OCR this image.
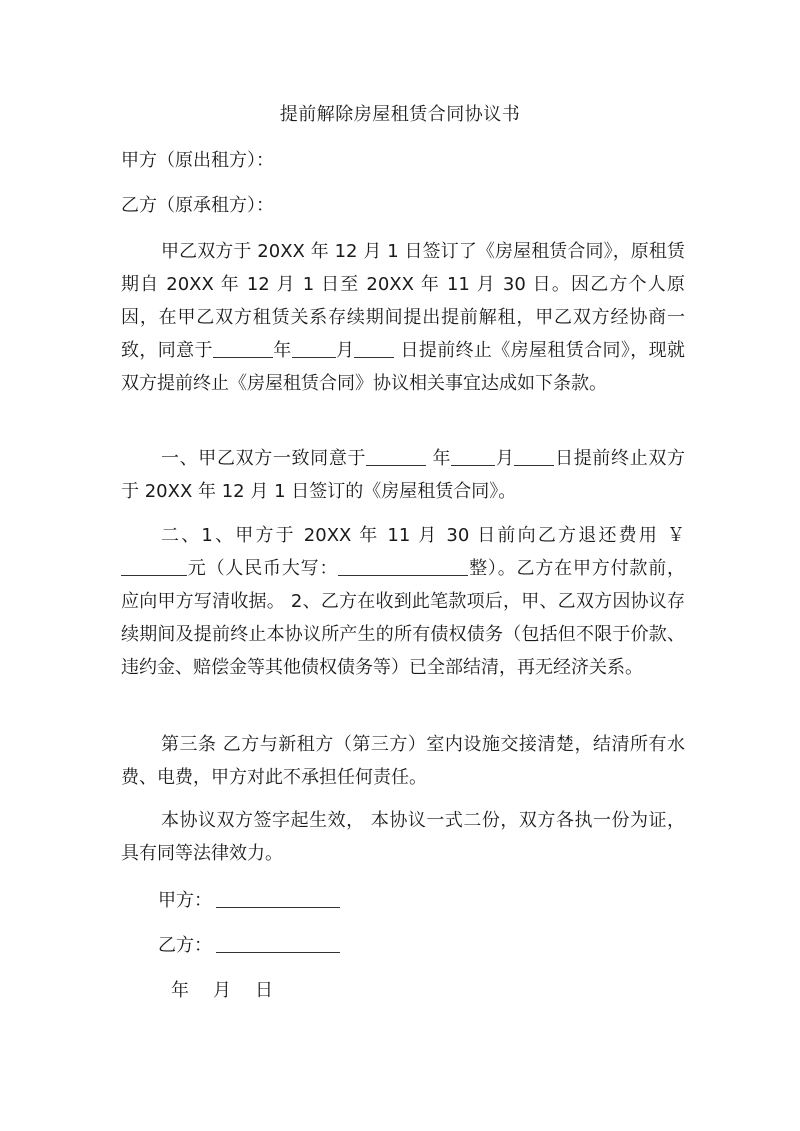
提前解除房屋租赁合同协议书
甲方（原出租方）：
乙方（原承租方）：
甲乙双方于 20XX 年 12 月 1 日签订了《房屋租赁合同》，原租赁期自 20XX 年 12 月 1 日至 20XX 年 11 月 30 日。因乙方个人原因，在甲乙双方租赁关系存续期间提出提前解租，甲乙双方经协商一致，同意于	年 月 日提前终止《房屋租赁合同》，现就双方提前终止《房屋租赁合同》协议相关事宜达成如下条款。
一、甲乙双方一致同意于	年 月 日提前终止双方于 20XX 年 12 月 1 日签订的《房屋租赁合同》。
二、1、甲方于 20XX 年 11 月 30 日前向乙方退还费用 ￥元（人民币大写：	整）。乙方在甲方付款前，应向甲方写清收据。 2、乙方在收到此笔款项后，甲、乙双方因协议存续期间及提前终止本协议所产生的所有债权债务（包括但不限于价款、违约金、赔偿金等其他债权债务等）已全部结清，再无经济关系。
第三条 乙方与新租方（第三方）室内设施交接清楚，结清所有水费、电费，甲方对此不承担任何责任。
本协议双方签字起生效， 本协议一式二份，双方各执一份为证，具有同等法律效力。
甲方：
乙方：
年 月 日
